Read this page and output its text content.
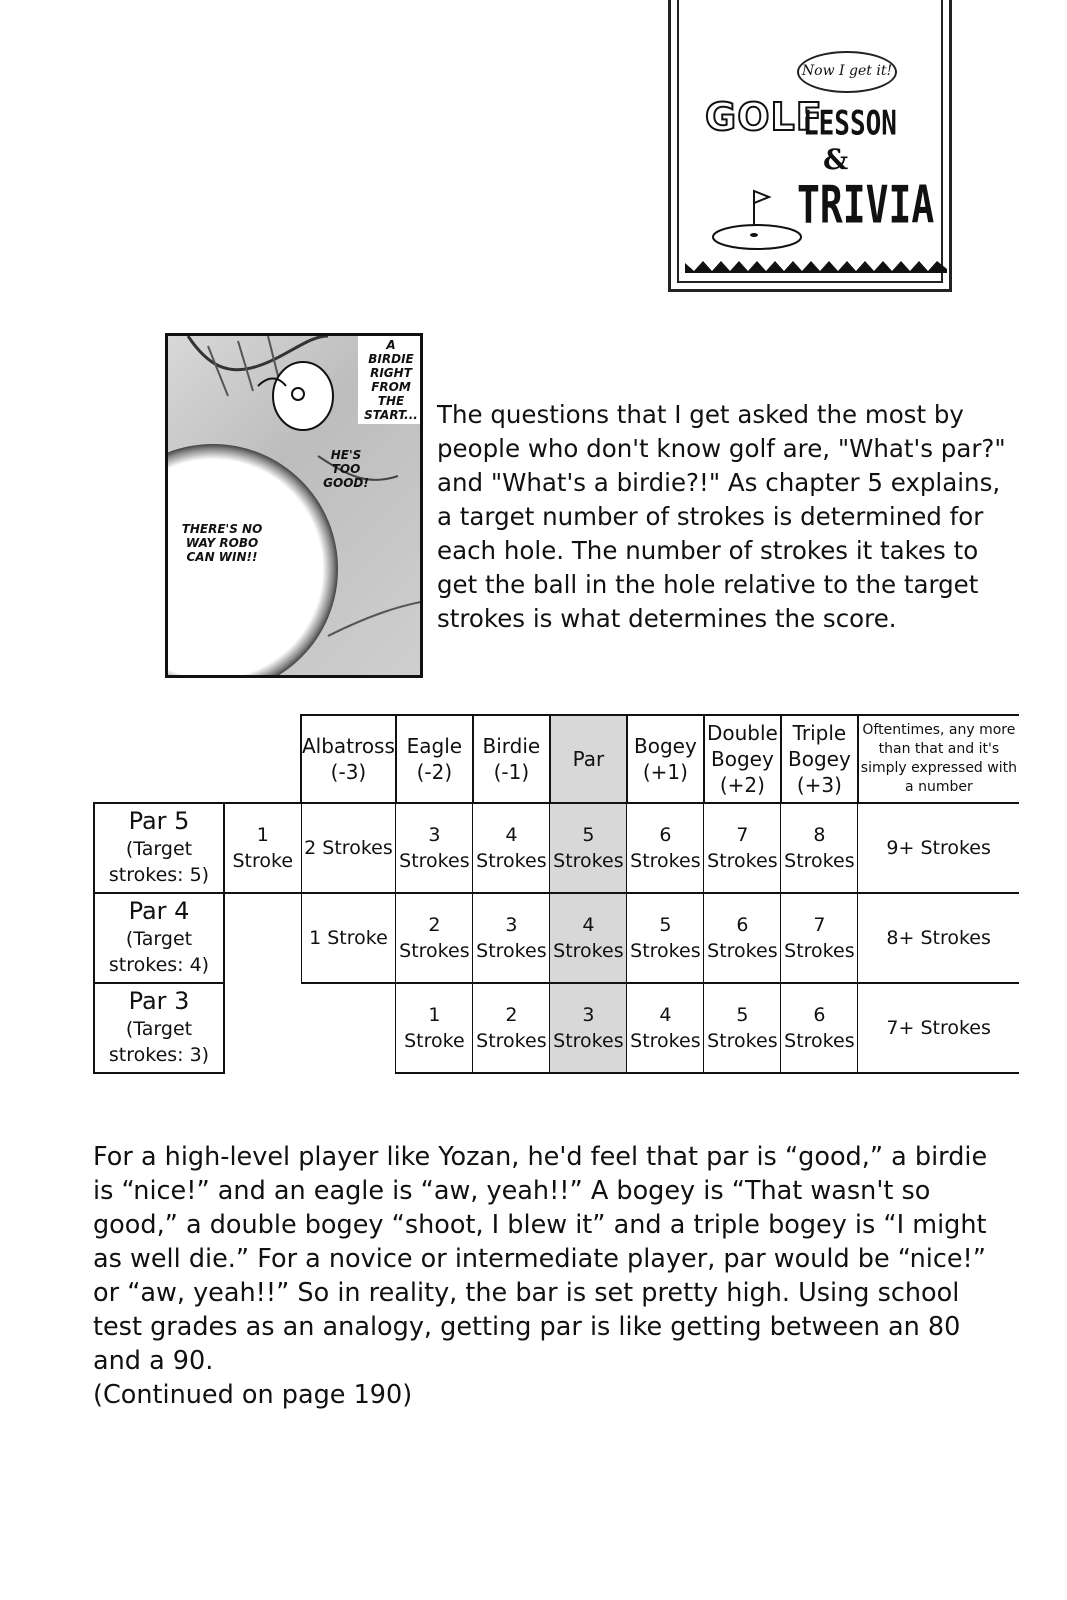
Now I get it!
GOLF
LESSON
&
TRIVIA
A BIRDIE RIGHT FROM THE START...
HE'S TOO GOOD!
THERE'S NO WAY ROBO CAN WIN!!
The questions that I get asked the most by people who don't know golf are, "What's par?" and "What's a birdie?!" As chapter 5 explains, a target number of strokes is determined for each hole. The number of strokes it takes to get the ball in the hole relative to the target strokes is what determines the score.
		Albatross (-3)	Eagle (-2)	Birdie (-1)	Par	Bogey (+1)	Double Bogey (+2)	Triple Bogey (+3)	Oftentimes, any more than that and it's simply expressed with a number
Par 5
(Target strokes: 5)	1 Stroke	2 Strokes	3 Strokes	4 Strokes	5 Strokes	6 Strokes	7 Strokes	8 Strokes	9+ Strokes
Par 4
(Target strokes: 4)		1 Stroke	2 Strokes	3 Strokes	4 Strokes	5 Strokes	6 Strokes	7 Strokes	8+ Strokes
Par 3
(Target strokes: 3)			1 Stroke	2 Strokes	3 Strokes	4 Strokes	5 Strokes	6 Strokes	7+ Strokes
For a high-level player like Yozan, he'd feel that par is “good,” a birdie is “nice!” and an eagle is “aw, yeah!!” A bogey is “That wasn't so good,” a double bogey “shoot, I blew it” and a triple bogey is “I might as well die.” For a novice or intermediate player, par would be “nice!” or “aw, yeah!!” So in reality, the bar is set pretty high. Using school test grades as an analogy, getting par is like getting between an 80 and a 90.
(Continued on page 190)
